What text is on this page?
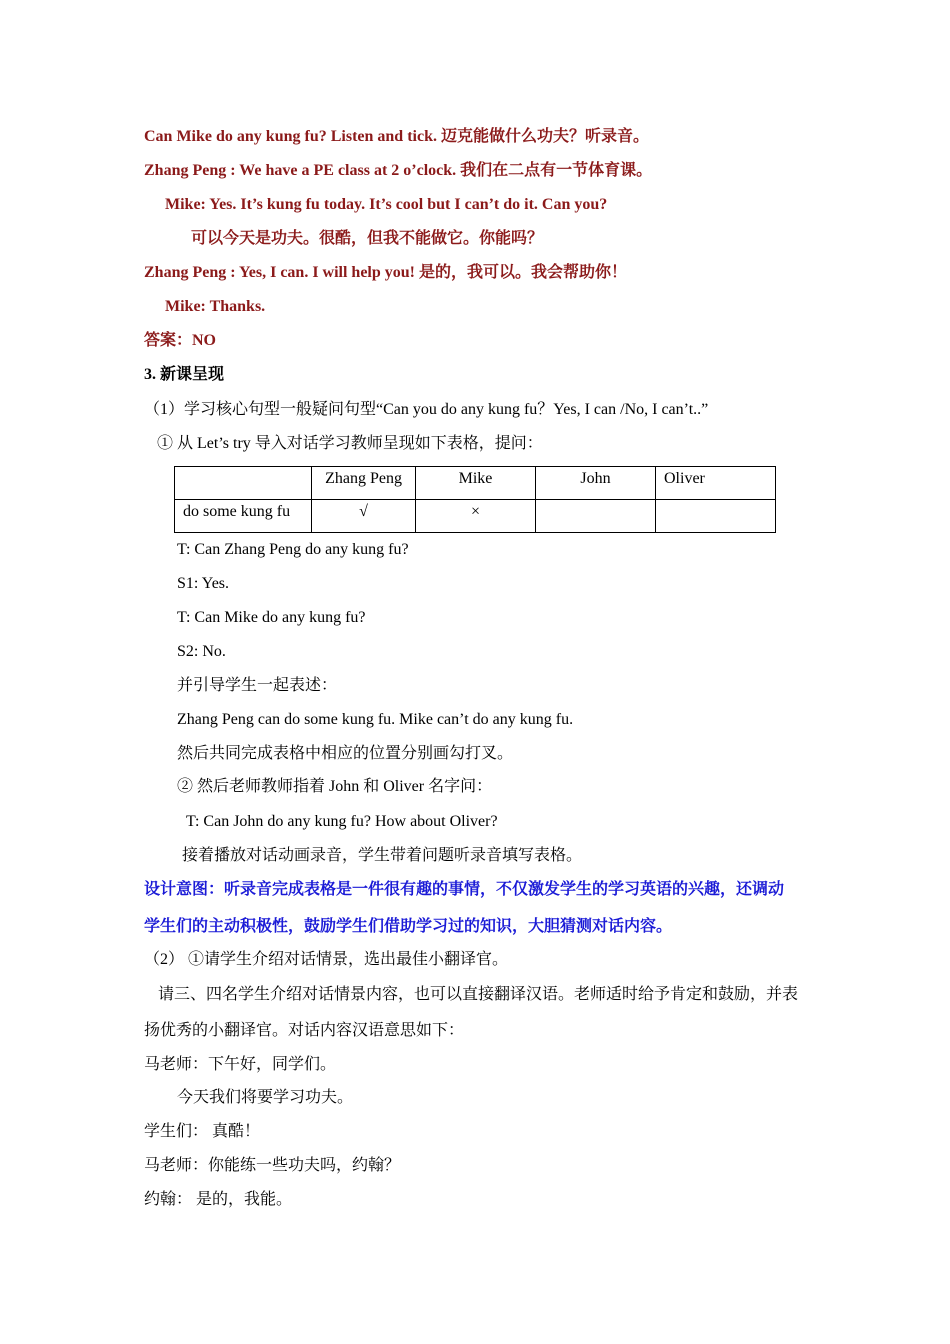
Can Mike do any kung fu? Listen and tick. 迈克能做什么功夫？听录音。
Zhang Peng : We have a PE class at 2 o’clock. 我们在二点有一节体育课。
Mike: Yes. It’s kung fu today. It’s cool but I can’t do it. Can you?
可以今天是功夫。很酷，但我不能做它。你能吗？
Zhang Peng : Yes, I can. I will help you! 是的，我可以。我会帮助你！
Mike: Thanks.
答案：NO
3. 新课呈现
（1）学习核心句型一般疑问句型“Can you do any kung fu？Yes, I can /No, I can’t..”
① 从 Let’s try 导入对话学习教师呈现如下表格，提问：
	Zhang Peng	Mike	John	Oliver
do some kung fu	√	×		
T: Can Zhang Peng do any kung fu?
S1: Yes.
T: Can Mike do any kung fu?
S2: No.
并引导学生一起表述：
Zhang Peng can do some kung fu. Mike can’t do any kung fu.
然后共同完成表格中相应的位置分别画勾打叉。
② 然后老师教师指着 John 和 Oliver 名字问：
T: Can John do any kung fu? How about Oliver?
接着播放对话动画录音，学生带着问题听录音填写表格。
设计意图：听录音完成表格是一件很有趣的事情，不仅激发学生的学习英语的兴趣，还调动
学生们的主动积极性，鼓励学生们借助学习过的知识，大胆猜测对话内容。
（2） ①请学生介绍对话情景，选出最佳小翻译官。
请三、四名学生介绍对话情景内容，也可以直接翻译汉语。老师适时给予肯定和鼓励，并表
扬优秀的小翻译官。对话内容汉语意思如下：
马老师：下午好，同学们。
今天我们将要学习功夫。
学生们： 真酷！
马老师：你能练一些功夫吗，约翰？
约翰： 是的，我能。
